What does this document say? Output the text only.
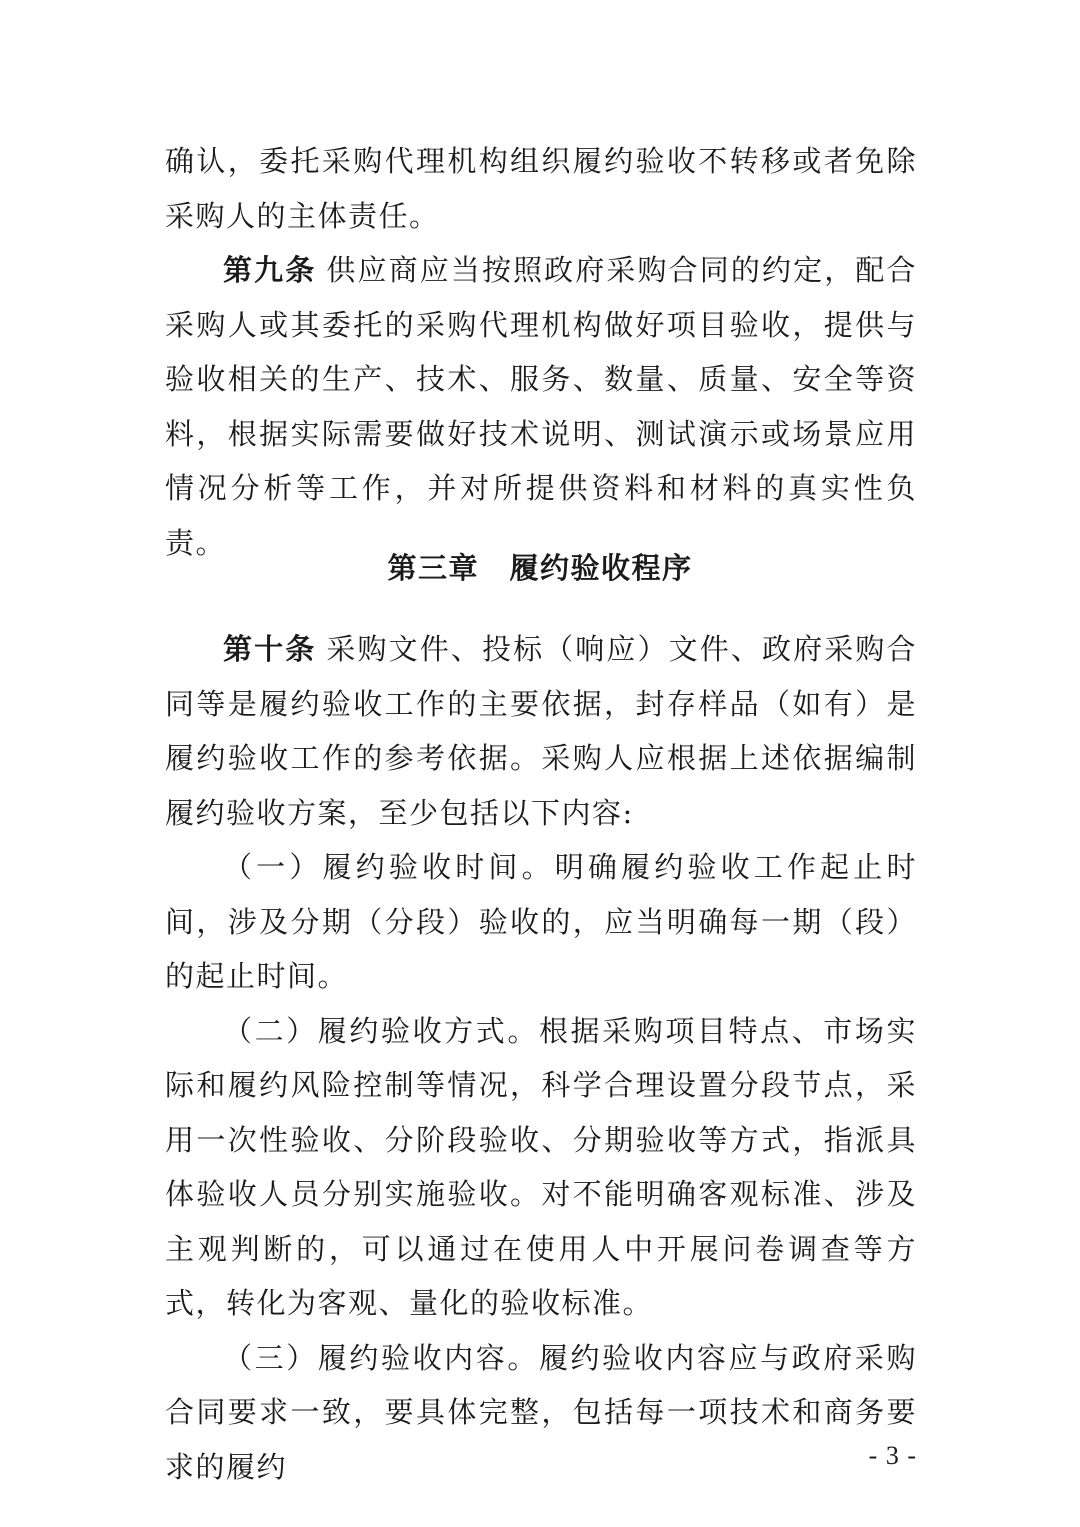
确认，委托采购代理机构组织履约验收不转移或者免除采购人的主体责任。

第九条 供应商应当按照政府采购合同的约定，配合采购人或其委托的采购代理机构做好项目验收，提供与验收相关的生产、技术、服务、数量、质量、安全等资料，根据实际需要做好技术说明、测试演示或场景应用情况分析等工作，并对所提供资料和材料的真实性负责。

第三章　履约验收程序

第十条 采购文件、投标（响应）文件、政府采购合同等是履约验收工作的主要依据，封存样品（如有）是履约验收工作的参考依据。采购人应根据上述依据编制履约验收方案，至少包括以下内容:

（一）履约验收时间。明确履约验收工作起止时间，涉及分期（分段）验收的，应当明确每一期（段）的起止时间。

（二）履约验收方式。根据采购项目特点、市场实际和履约风险控制等情况，科学合理设置分段节点，采用一次性验收、分阶段验收、分期验收等方式，指派具体验收人员分别实施验收。对不能明确客观标准、涉及主观判断的，可以通过在使用人中开展问卷调查等方式，转化为客观、量化的验收标准。

（三）履约验收内容。履约验收内容应与政府采购合同要求一致，要具体完整，包括每一项技术和商务要求的履约	- 3 -
